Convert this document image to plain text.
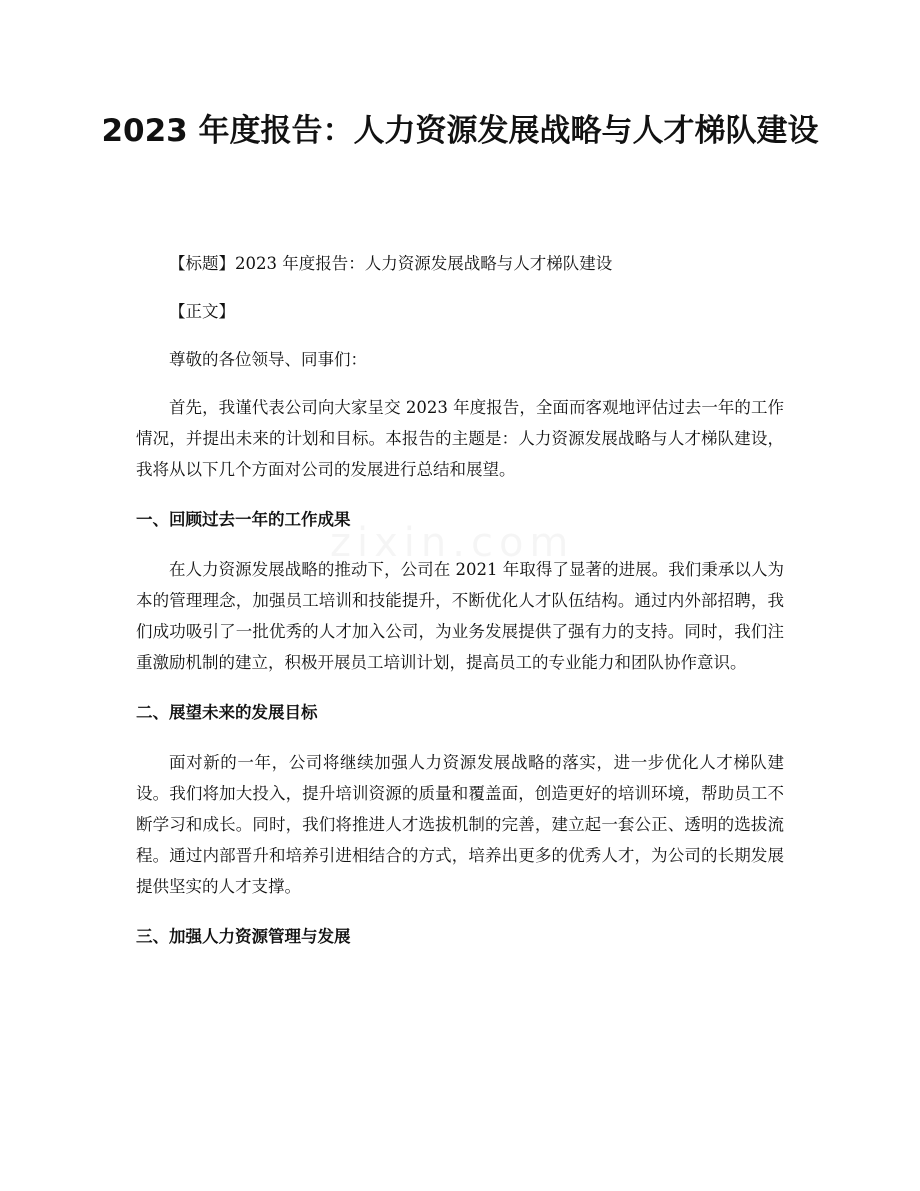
2023 年度报告：人力资源发展战略与人才梯队建设

【标题】2023 年度报告：人力资源发展战略与人才梯队建设

【正文】

尊敬的各位领导、同事们：

首先，我谨代表公司向大家呈交 2023 年度报告，全面而客观地评估过去一年的工作情况，并提出未来的计划和目标。本报告的主题是：人力资源发展战略与人才梯队建设，我将从以下几个方面对公司的发展进行总结和展望。

一、回顾过去一年的工作成果

在人力资源发展战略的推动下，公司在 2021 年取得了显著的进展。我们秉承以人为本的管理理念，加强员工培训和技能提升，不断优化人才队伍结构。通过内外部招聘，我们成功吸引了一批优秀的人才加入公司，为业务发展提供了强有力的支持。同时，我们注重激励机制的建立，积极开展员工培训计划，提高员工的专业能力和团队协作意识。

二、展望未来的发展目标

面对新的一年，公司将继续加强人力资源发展战略的落实，进一步优化人才梯队建设。我们将加大投入，提升培训资源的质量和覆盖面，创造更好的培训环境，帮助员工不断学习和成长。同时，我们将推进人才选拔机制的完善，建立起一套公正、透明的选拔流程。通过内部晋升和培养引进相结合的方式，培养出更多的优秀人才，为公司的长期发展提供坚实的人才支撑。

三、加强人力资源管理与发展
